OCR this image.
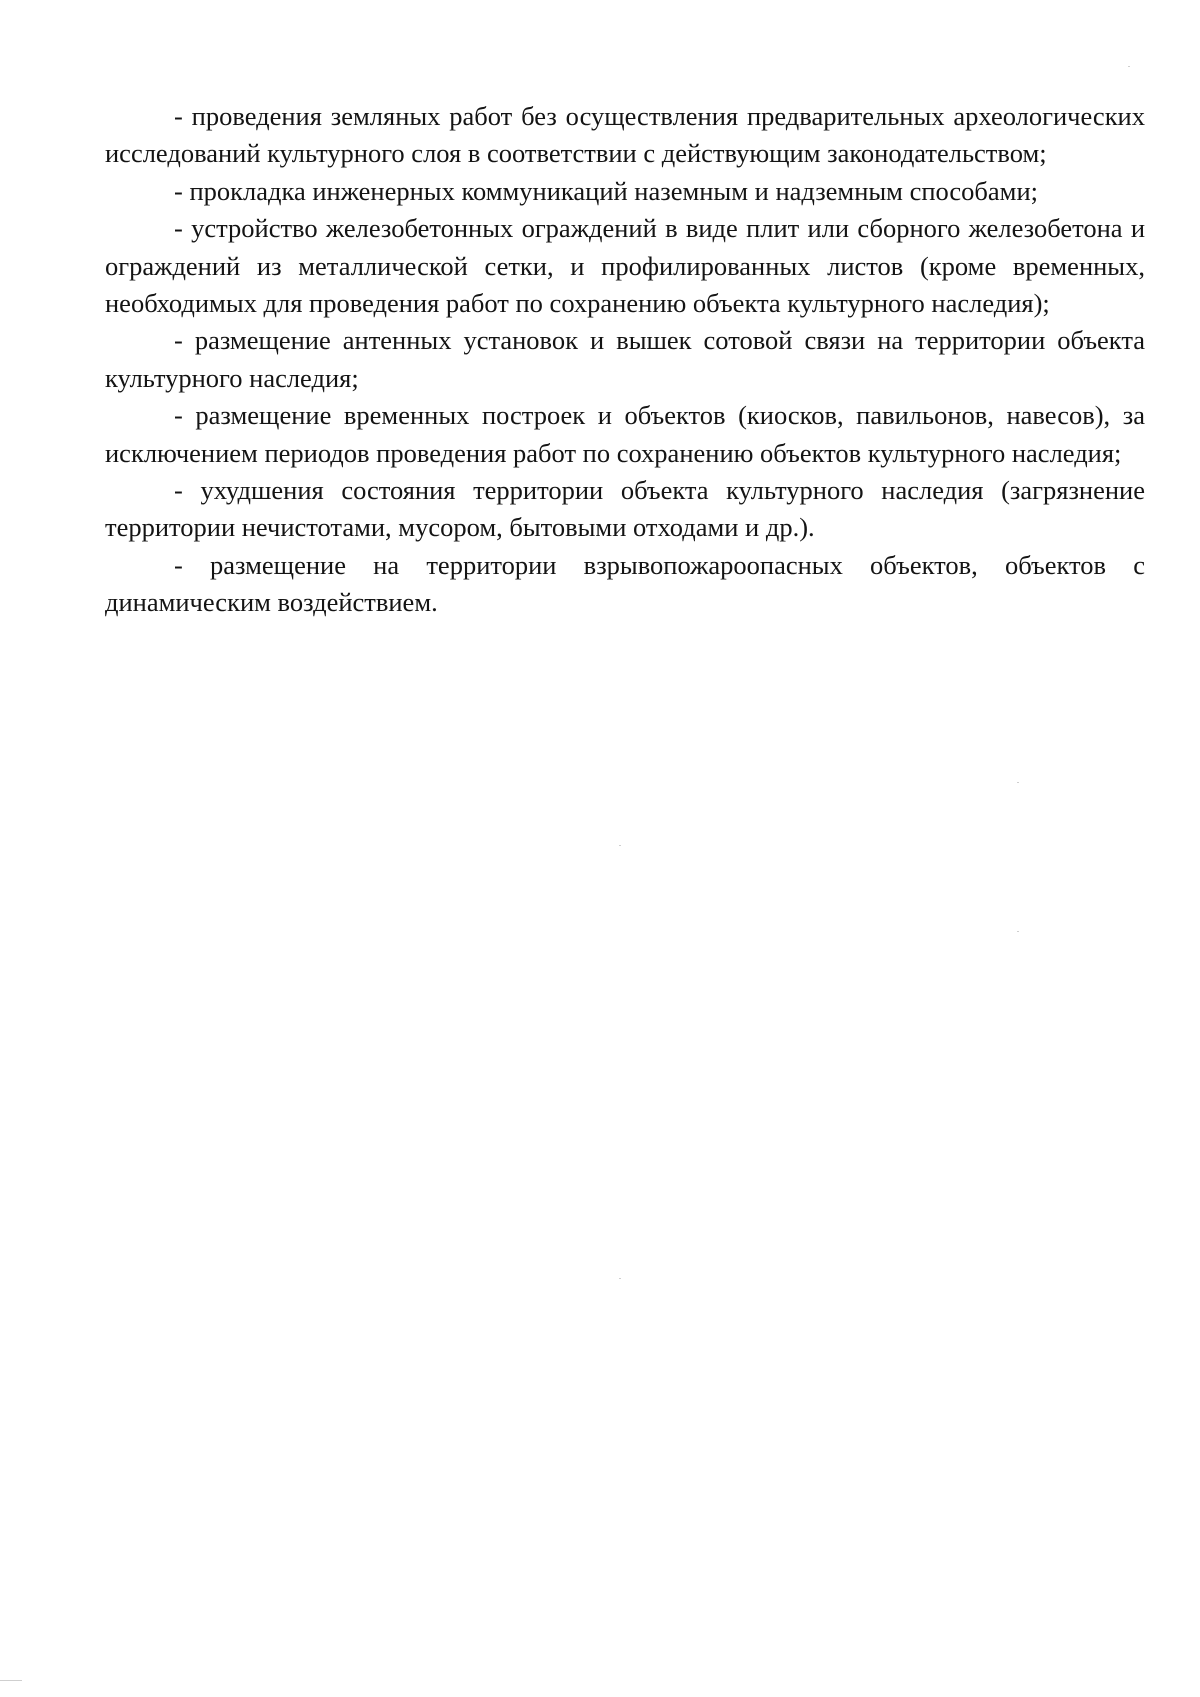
- проведения земляных работ без осуществления предварительных археологических исследований культурного слоя в соответствии с действующим законодательством;

- прокладка инженерных коммуникаций наземным и надземным способами;

- устройство железобетонных ограждений в виде плит или сборного железобетона и ограждений из металлической сетки, и профилированных листов (кроме временных, необходимых для проведения работ по сохранению объекта культурного наследия);

- размещение антенных установок и вышек сотовой связи на территории объекта культурного наследия;

- размещение временных построек и объектов (киосков, павильонов, навесов), за исключением периодов проведения работ по сохранению объектов культурного наследия;

- ухудшения состояния территории объекта культурного наследия (загрязнение территории нечистотами, мусором, бытовыми отходами и др.).

- размещение на территории взрывопожароопасных объектов, объектов с динамическим воздействием.
